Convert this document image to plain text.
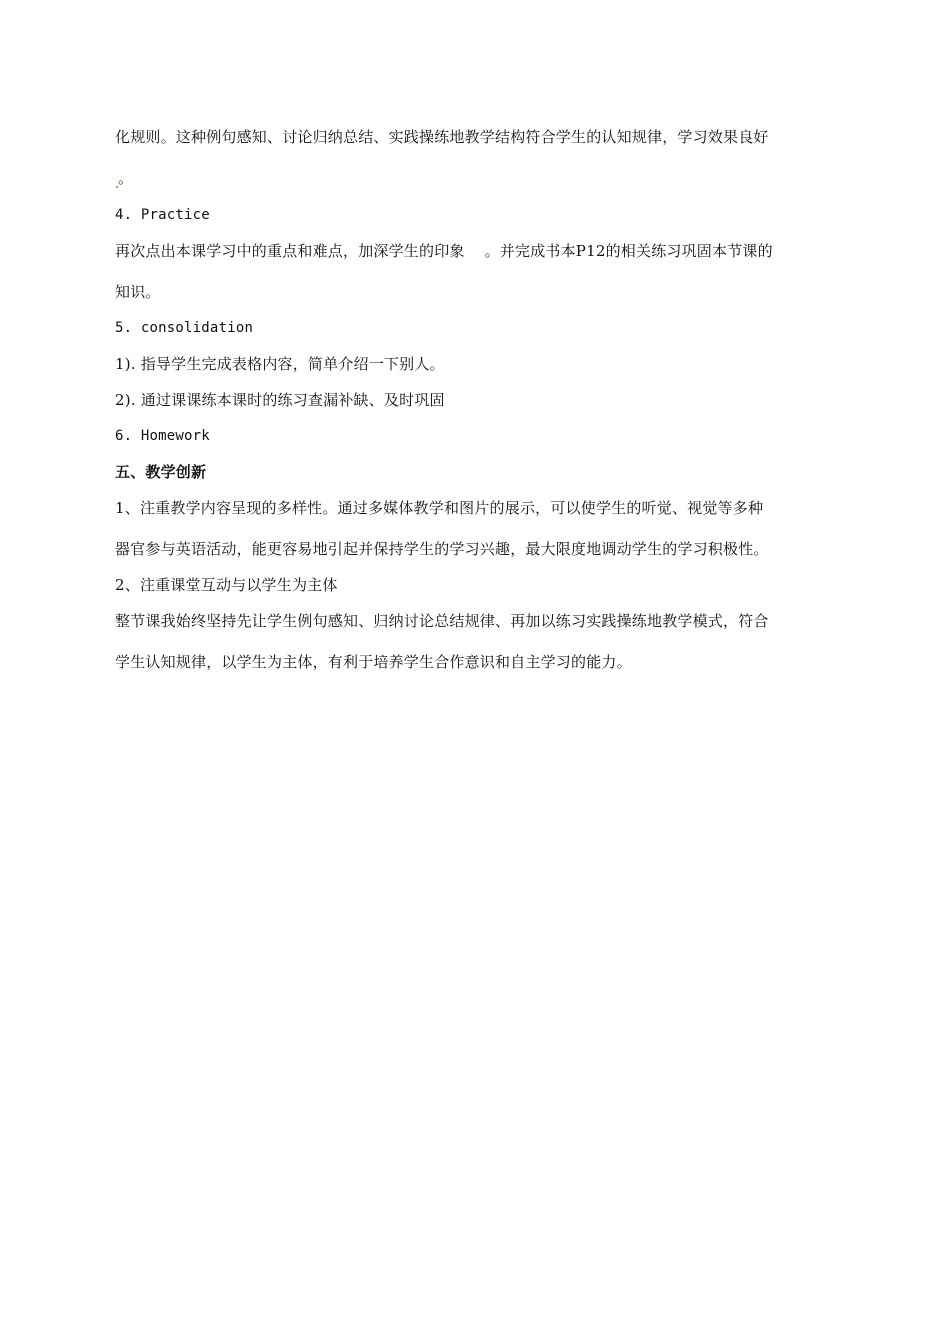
化规则。这种例句感知、讨论归纳总结、实践操练地教学结构符合学生的认知规律，学习效果良好
。
4. Practice
再次点出本课学习中的重点和难点，加深学生的印象 。并完成书本P12的相关练习巩固本节课的
知识。
5. consolidation
1). 指导学生完成表格内容，简单介绍一下别人。
2). 通过课课练本课时的练习查漏补缺、及时巩固
6. Homework
五、教学创新
1、注重教学内容呈现的多样性。通过多媒体教学和图片的展示，可以使学生的听觉、视觉等多种
器官参与英语活动，能更容易地引起并保持学生的学习兴趣，最大限度地调动学生的学习积极性。
2、注重课堂互动与以学生为主体
整节课我始终坚持先让学生例句感知、归纳讨论总结规律、再加以练习实践操练地教学模式，符合
学生认知规律，以学生为主体，有利于培养学生合作意识和自主学习的能力。
